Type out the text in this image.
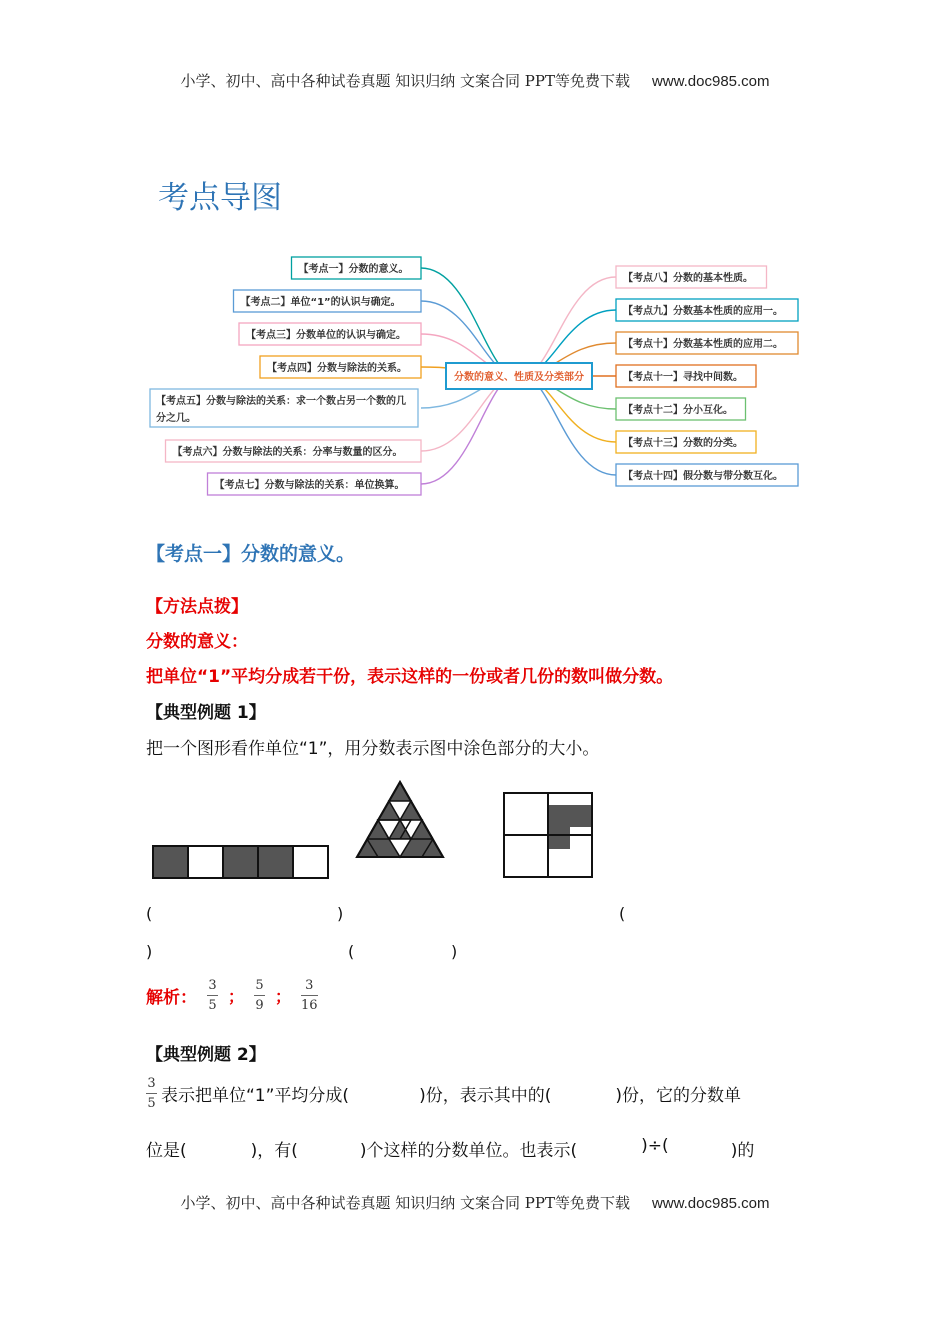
小学、初中、高中各种试卷真题 知识归纳 文案合同 PPT等免费下载 www.doc985.com
考点导图
【考点一】分数的意义。
【考点二】单位“1”的认识与确定。
【考点三】分数单位的认识与确定。
【考点四】分数与除法的关系。
【考点五】分数与除法的关系：求一个数占另一个数的几
分之几。
【考点六】分数与除法的关系：分率与数量的区分。
【考点七】分数与除法的关系：单位换算。
【考点八】分数的基本性质。
【考点九】分数基本性质的应用一。
【考点十】分数基本性质的应用二。
【考点十一】寻找中间数。
【考点十二】分小互化。
【考点十三】分数的分类。
【考点十四】假分数与带分数互化。
分数的意义、性质及分类部分
【考点一】分数的意义。
【方法点拨】
分数的意义：
把单位“1”平均分成若干份，表示这样的一份或者几份的数叫做分数。
【典型例题 1】
把一个图形看作单位“1”，用分数表示图中涂色部分的大小。
(	)	(
)	(	)
解析： $\frac{3}{5}$ ； $\frac{5}{9}$ ； $\frac{3}{16}$
【典型例题 2】
$\frac{3}{5}$ 表示把单位“1”平均分成(	)份，表示其中的(	)份，它的分数单
位是(	)，有(	)个这样的分数单位。也表示(	)÷(	)的
小学、初中、高中各种试卷真题 知识归纳 文案合同 PPT等免费下载 www.doc985.com
